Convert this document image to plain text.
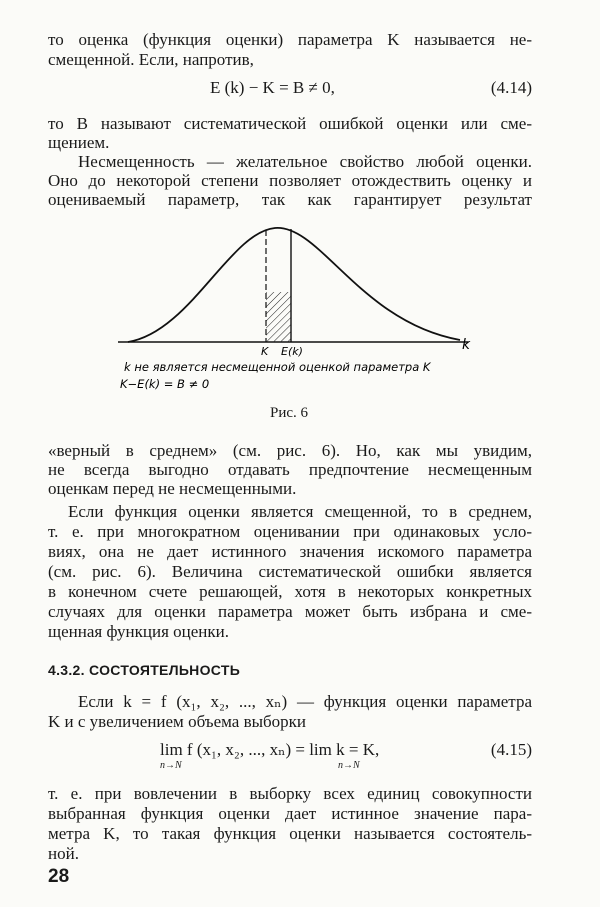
то оценка (функция оценки) параметра K называется не-
смещенной. Если, напротив,
E (k) − K = B ≠ 0,	(4.14)
то B называют систематической ошибкой оценки или сме-
щением.
Несмещенность — желательное свойство любой оценки.
Оно до некоторой степени позволяет отождествить оценку и
оцениваемый параметр, так как гарантирует результат
k
K E(k)
k не является несмещенной оценкой параметра K
K−E(k) = B ≠ 0
Рис. 6
«верный в среднем» (см. рис. 6). Но, как мы увидим,
не всегда выгодно отдавать предпочтение несмещенным
оценкам перед не несмещенными.
Если функция оценки является смещенной, то в среднем,
т. е. при многократном оценивании при одинаковых усло-
виях, она не дает истинного значения искомого параметра
(см. рис. 6). Величина систематической ошибки является
в конечном счете решающей, хотя в некоторых конкретных
случаях для оценки параметра может быть избрана и сме-
щенная функция оценки.
4.3.2. СОСТОЯТЕЛЬНОСТЬ
Если k = f (x₁, x₂, ..., xₙ) — функция оценки параметра
K и с увеличением объема выборки
lim f (x₁, x₂, ..., xₙ) = lim k = K,
n→N	n→N
(4.15)
т. е. при вовлечении в выборку всех единиц совокупности
выбранная функция оценки дает истинное значение пара-
метра K, то такая функция оценки называется состоятель-
ной.
28
